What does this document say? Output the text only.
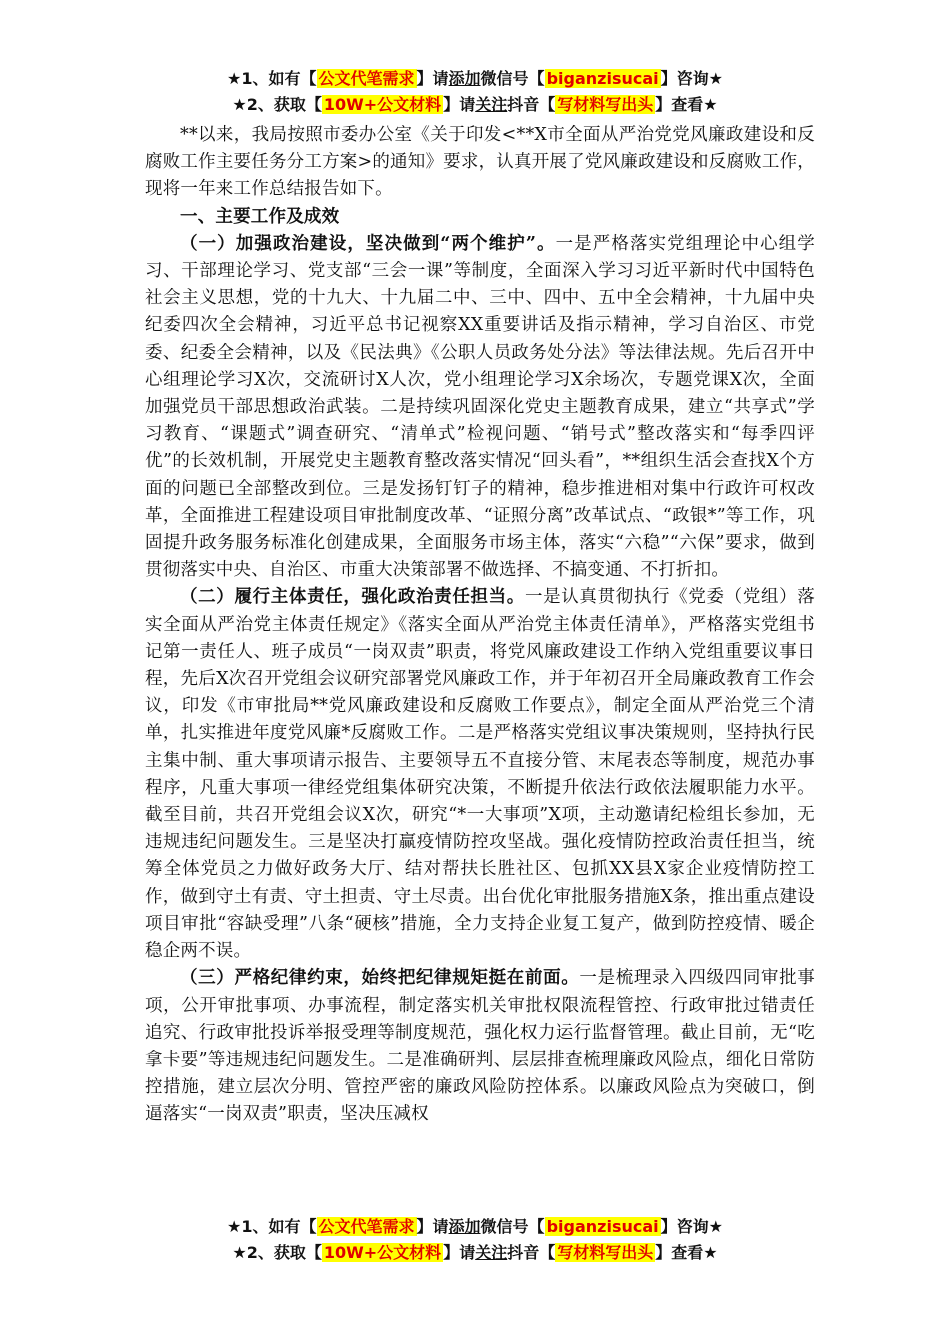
★1、如有【 公文代笔需求 】请添加微信号【 biganzisucai 】咨询★
★2、获取【 10W+公文材料 】请关注抖音【 写材料写出头 】查看★

**以来，我局按照市委办公室《关于印发<**X市全面从严治党党风廉政建设和反腐败工作主要任务分工方案>的通知》要求，认真开展了党风廉政建设和反腐败工作，现将一年来工作总结报告如下。

一、主要工作及成效

（一）加强政治建设，坚决做到“两个维护”。一是严格落实党组理论中心组学习、干部理论学习、党支部“三会一课”等制度，全面深入学习习近平新时代中国特色社会主义思想，党的十九大、十九届二中、三中、四中、五中全会精神，十九届中央纪委四次全会精神，习近平总书记视察XX重要讲话及指示精神，学习自治区、市党委、纪委全会精神，以及《民法典》《公职人员政务处分法》等法律法规。先后召开中心组理论学习X次，交流研讨X人次，党小组理论学习X余场次，专题党课X次，全面加强党员干部思想政治武装。二是持续巩固深化党史主题教育成果，建立“共享式”学习教育、“课题式”调查研究、“清单式”检视问题、“销号式”整改落实和“每季四评优”的长效机制，开展党史主题教育整改落实情况“回头看”，**组织生活会查找X个方面的问题已全部整改到位。三是发扬钉钉子的精神，稳步推进相对集中行政许可权改革，全面推进工程建设项目审批制度改革、“证照分离”改革试点、“政银*”等工作，巩固提升政务服务标准化创建成果，全面服务市场主体，落实“六稳”“六保”要求，做到贯彻落实中央、自治区、市重大决策部署不做选择、不搞变通、不打折扣。

（二）履行主体责任，强化政治责任担当。一是认真贯彻执行《党委（党组）落实全面从严治党主体责任规定》《落实全面从严治党主体责任清单》，严格落实党组书记第一责任人、班子成员“一岗双责”职责，将党风廉政建设工作纳入党组重要议事日程，先后X次召开党组会议研究部署党风廉政工作，并于年初召开全局廉政教育工作会议，印发《市审批局**党风廉政建设和反腐败工作要点》，制定全面从严治党三个清单，扎实推进年度党风廉*反腐败工作。二是严格落实党组议事决策规则，坚持执行民主集中制、重大事项请示报告、主要领导五不直接分管、末尾表态等制度，规范办事程序，凡重大事项一律经党组集体研究决策，不断提升依法行政依法履职能力水平。截至目前，共召开党组会议X次，研究“*一大事项”X项，主动邀请纪检组长参加，无违规违纪问题发生。三是坚决打赢疫情防控攻坚战。强化疫情防控政治责任担当，统筹全体党员之力做好政务大厅、结对帮扶长胜社区、包抓XX县X家企业疫情防控工作，做到守土有责、守土担责、守土尽责。出台优化审批服务措施X条，推出重点建设项目审批“容缺受理”八条“硬核”措施，全力支持企业复工复产，做到防控疫情、暖企稳企两不误。

（三）严格纪律约束，始终把纪律规矩挺在前面。一是梳理录入四级四同审批事项，公开审批事项、办事流程，制定落实机关审批权限流程管控、行政审批过错责任追究、行政审批投诉举报受理等制度规范，强化权力运行监督管理。截止目前，无“吃拿卡要”等违规违纪问题发生。二是准确研判、层层排查梳理廉政风险点，细化日常防控措施，建立层次分明、管控严密的廉政风险防控体系。以廉政风险点为突破口，倒逼落实“一岗双责”职责，坚决压减权

★1、如有【 公文代笔需求 】请添加微信号【 biganzisucai 】咨询★
★2、获取【 10W+公文材料 】请关注抖音【 写材料写出头 】查看★
